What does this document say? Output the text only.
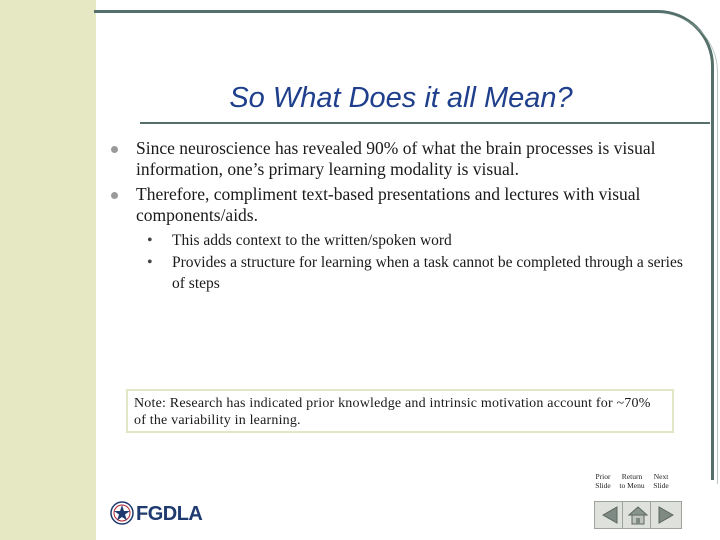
So What Does it all Mean?
Since neuroscience has revealed 90% of what the brain processes is visual information, one’s primary learning modality is visual.
Therefore, compliment text-based presentations and lectures with visual components/aids.
• This adds context to the written/spoken word
• Provides a structure for learning when a task cannot be completed through a series of steps
Note: Research has indicated prior knowledge and intrinsic motivation account for ~70% of the variability in learning.
Prior
Slide
Return
to Menu
Next
Slide
FGDLA
